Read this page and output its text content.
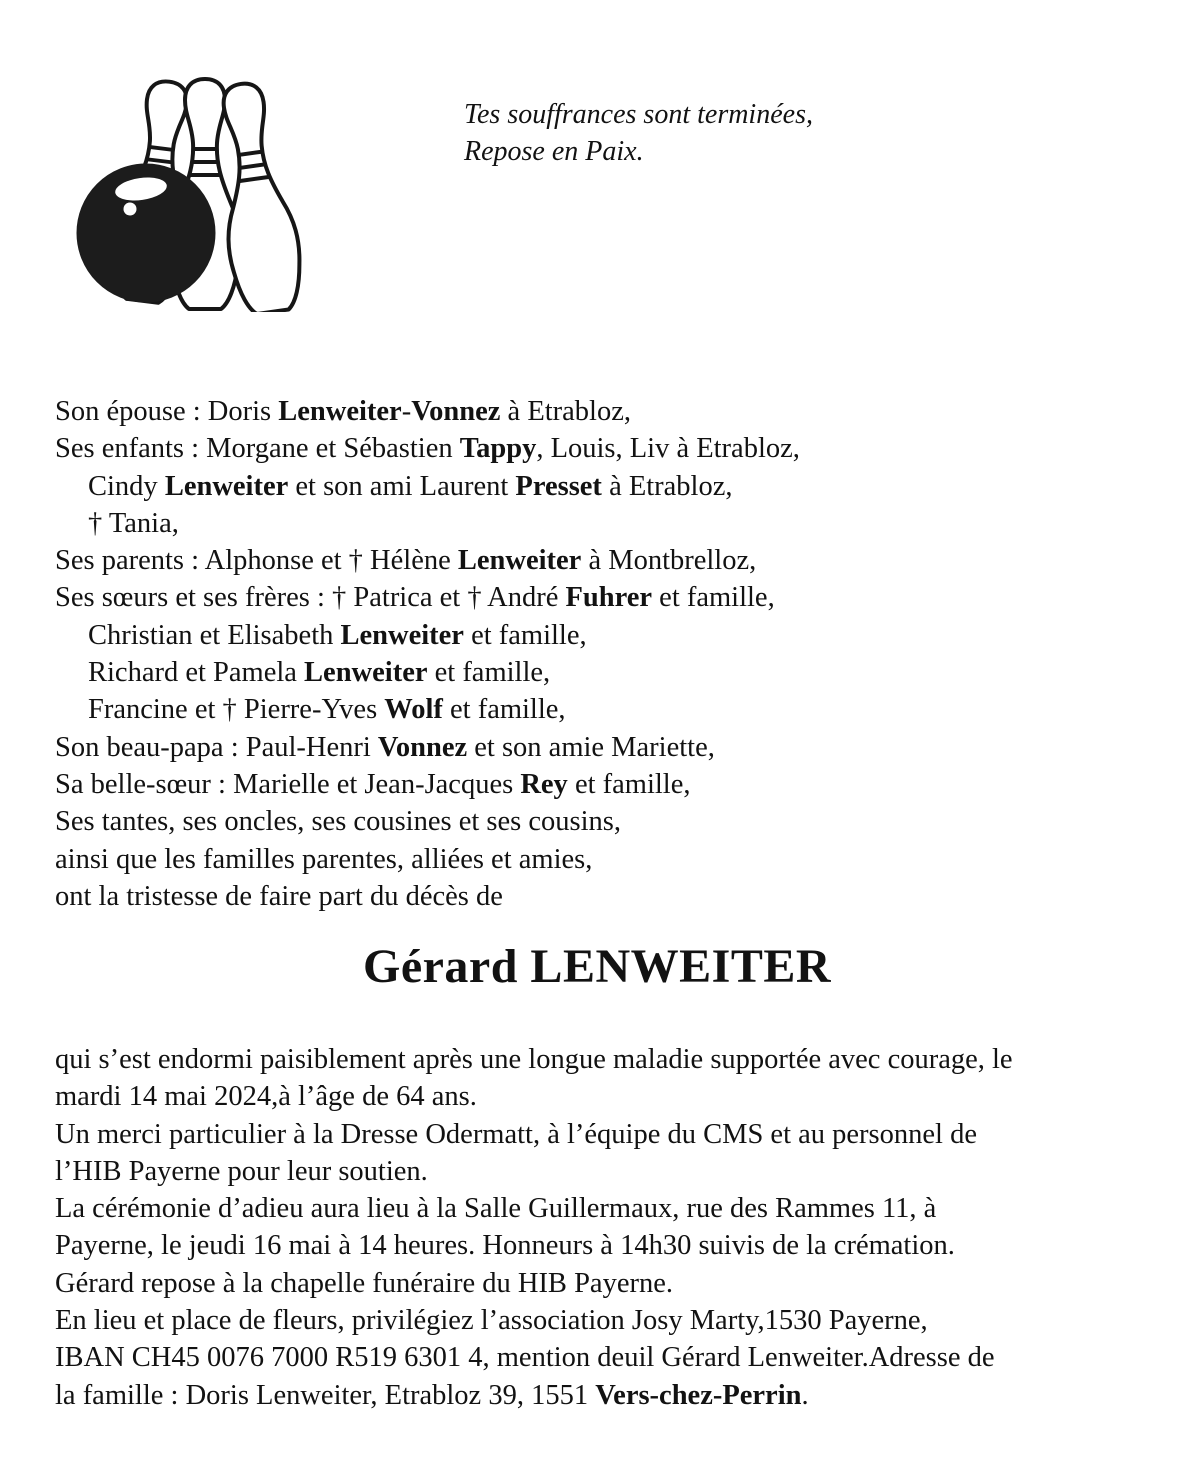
Tes souffrances sont terminées,
Repose en Paix.
Son épouse : Doris Lenweiter-Vonnez à Etrabloz,
Ses enfants : Morgane et Sébastien Tappy, Louis, Liv à Etrabloz,
Cindy Lenweiter et son ami Laurent Presset à Etrabloz,
† Tania,
Ses parents : Alphonse et † Hélène Lenweiter à Montbrelloz,
Ses sœurs et ses frères : † Patrica et † André Fuhrer et famille,
Christian et Elisabeth Lenweiter et famille,
Richard et Pamela Lenweiter et famille,
Francine et † Pierre-Yves Wolf et famille,
Son beau-papa : Paul-Henri Vonnez et son amie Mariette,
Sa belle-sœur : Marielle et Jean-Jacques Rey et famille,
Ses tantes, ses oncles, ses cousines et ses cousins,
ainsi que les familles parentes, alliées et amies,
ont la tristesse de faire part du décès de
Gérard LENWEITER
qui s’est endormi paisiblement après une longue maladie supportée avec courage, le
mardi 14 mai 2024,à l’âge de 64 ans.
Un merci particulier à la Dresse Odermatt, à l’équipe du CMS et au personnel de
l’HIB Payerne pour leur soutien.
La cérémonie d’adieu aura lieu à la Salle Guillermaux, rue des Rammes 11, à
Payerne, le jeudi 16 mai à 14 heures. Honneurs à 14h30 suivis de la crémation.
Gérard repose à la chapelle funéraire du HIB Payerne.
En lieu et place de fleurs, privilégiez l’association Josy Marty,1530 Payerne,
IBAN CH45 0076 7000 R519 6301 4, mention deuil Gérard Lenweiter.Adresse de
la famille : Doris Lenweiter, Etrabloz 39, 1551 Vers-chez-Perrin.
